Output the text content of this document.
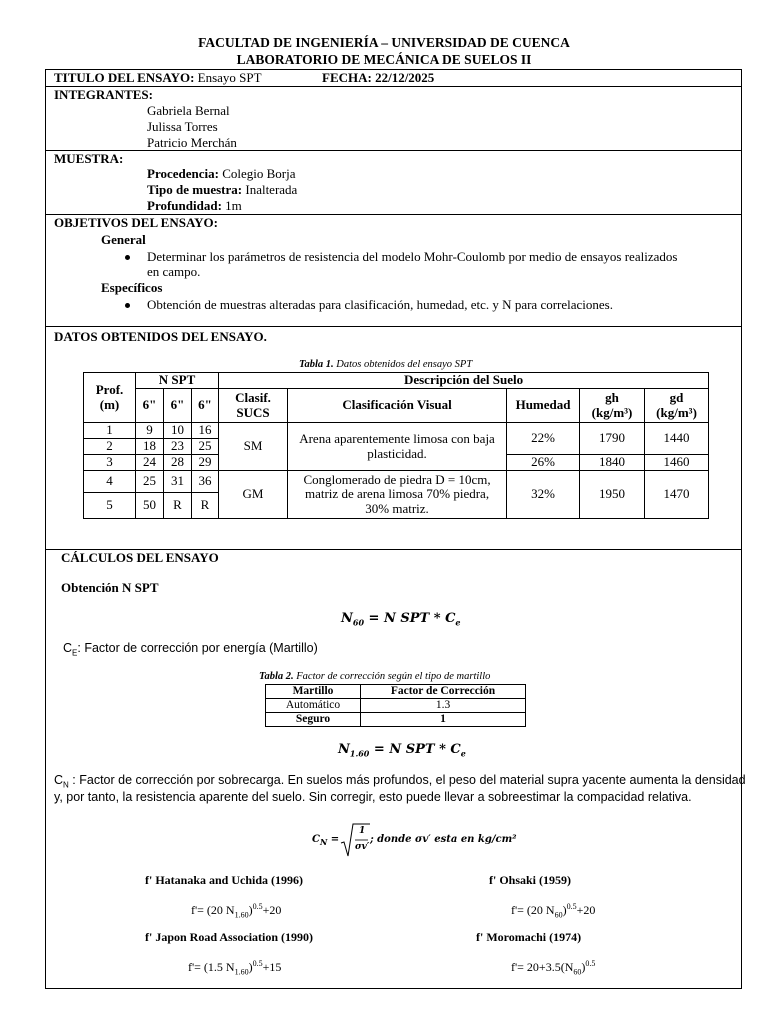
FACULTAD DE INGENIERÍA – UNIVERSIDAD DE CUENCA
LABORATORIO DE MECÁNICA DE SUELOS II
TITULO DEL ENSAYO: Ensayo SPT	FECHA: 22/12/2025
INTEGRANTES:
Gabriela Bernal
Julissa Torres
Patricio Merchán
MUESTRA:
Procedencia: Colegio Borja
Tipo de muestra: Inalterada
Profundidad: 1m
OBJETIVOS DEL ENSAYO:
General
Determinar los parámetros de resistencia del modelo Mohr-Coulomb por medio de ensayos realizados
en campo.
Específicos
Obtención de muestras alteradas para clasificación, humedad, etc. y N para correlaciones.
DATOS OBTENIDOS DEL ENSAYO.
Tabla 1. Datos obtenidos del ensayo SPT
Prof.
(m)	N SPT			Descripción del Suelo				
	6"	6"	6"	Clasif.
SUCS	Clasificación Visual	Humedad	gh
(kg/m³)	gd
(kg/m³)
1	9	10	16	SM	Arena aparentemente limosa con baja plasticidad.	22%	1790	1440
2	18	23	25					
3	24	28	29			26%	1840	1460
4	25	31	36	GM	Conglomerado de piedra D = 10cm, matriz de arena limosa 70% piedra, 30% matriz.	32%	1950	1470
5	50	R	R					
CÁLCULOS DEL ENSAYO
Obtención N SPT
$N_{60} = N$ SPT * $C_e$
$C_E$: Factor de corrección por energía (Martillo)
Tabla 2. Factor de corrección según el tipo de martillo
Martillo	Factor de Corrección
Automático	1.3
Seguro	1
$N_{1.60} = N$ SPT * $C_e$
$C_N$ : Factor de corrección por sobrecarga. En suelos más profundos, el peso del material supra yacente aumenta la densidad
y, por tanto, la resistencia aparente del suelo. Sin corregir, esto puede llevar a sobreestimar la compacidad relativa.
$C_N$ =
1
σv′
; donde σv′ esta en kg/cm²
f' Hatanaka and Uchida (1996)
f'= (20 $N_{1.60})^{0.5}+20$
f' Ohsaki (1959)
f'= (20 $N_{60})^{0.5}+20$
f' Japon Road Association (1990)
f'= (1.5 $N_{1.60})^{0.5}+15$
f' Moromachi (1974)
$f'= 20+3.5(N_{60})^{0.5}$
